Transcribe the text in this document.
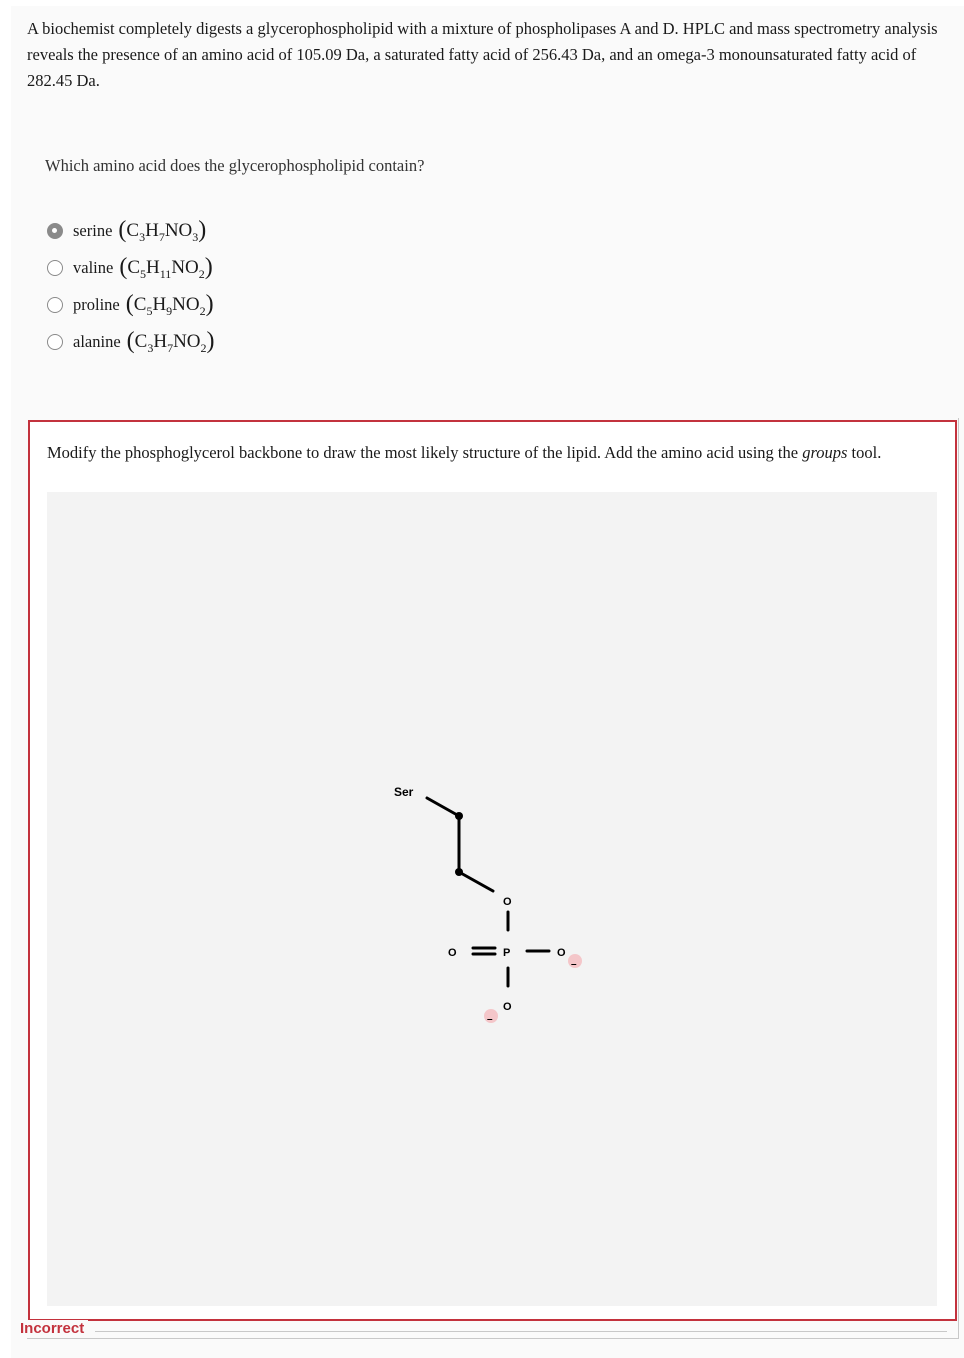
A biochemist completely digests a glycerophospholipid with a mixture of phospholipases A and D. HPLC and mass spectrometry analysis reveals the presence of an amino acid of 105.09 Da, a saturated fatty acid of 256.43 Da, and an omega-3 monounsaturated fatty acid of 282.45 Da.
Which amino acid does the glycerophospholipid contain?
serine $(C_3H_7NO_3)$
valine $(C_5H_{11}NO_2)$
proline $(C_5H_9NO_2)$
alanine $(C_3H_7NO_2)$
Modify the phosphoglycerol backbone to draw the most likely structure of the lipid. Add the amino acid using the groups tool.
Ser
O
O	P	O
O
–
–
Incorrect
